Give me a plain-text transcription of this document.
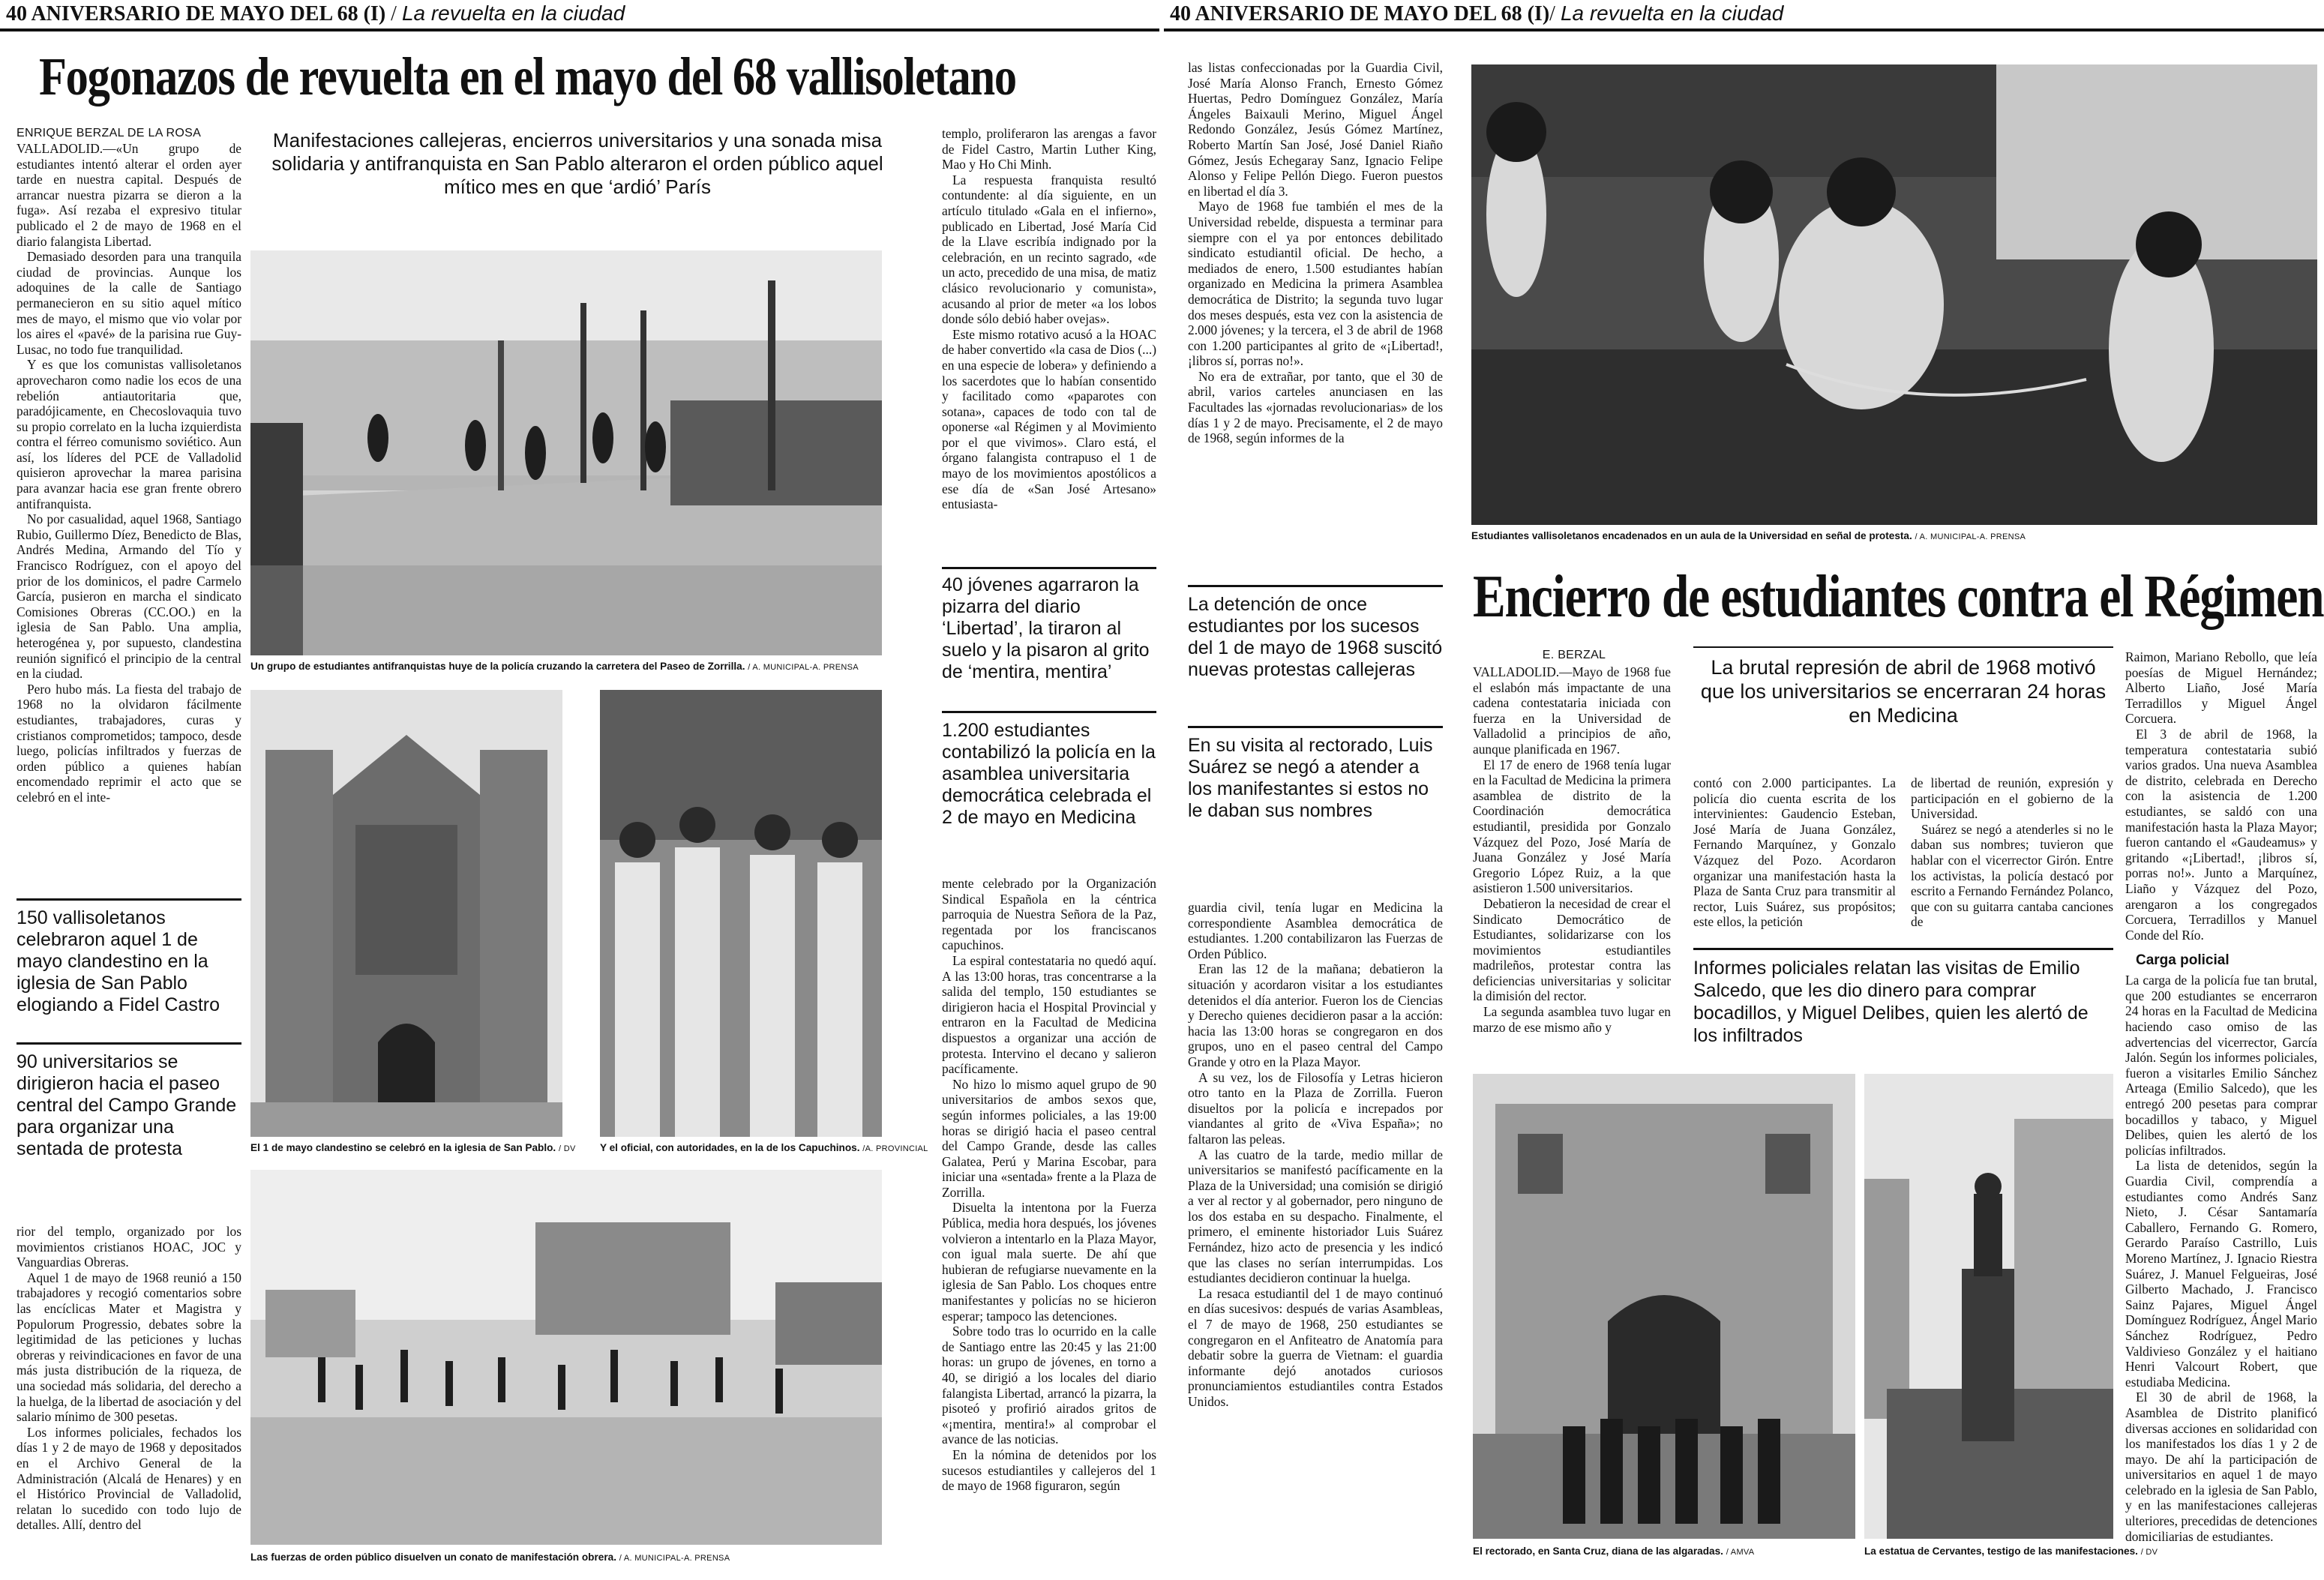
40 ANIVERSARIO DE MAYO DEL 68 (I) / La revuelta en la ciudad
Fogonazos de revuelta en el mayo del 68 vallisoletano
Manifestaciones callejeras, encierros universitarios y una sonada misa solidaria y antifranquista en San Pablo alteraron el orden público aquel mítico mes en que ‘ardió’ París
ENRIQUE BERZAL DE LA ROSA

VALLADOLID.—«Un grupo de estudiantes intentó alterar el orden ayer tarde en nuestra capital. Después de arrancar nuestra pizarra se dieron a la fuga». Así rezaba el expresivo titular publicado el 2 de mayo de 1968 en el diario falangista Libertad.

Demasiado desorden para una tranquila ciudad de provincias. Aunque los adoquines de la calle de Santiago permanecieron en su sitio aquel mítico mes de mayo, el mismo que vio volar por los aires el «pavé» de la parisina rue Guy-Lusac, no todo fue tranquilidad.

Y es que los comunistas vallisoletanos aprovecharon como nadie los ecos de una rebelión antiautoritaria que, paradójicamente, en Checoslovaquia tuvo su propio correlato en la lucha izquierdista contra el férreo comunismo soviético. Aun así, los líderes del PCE de Valladolid quisieron aprovechar la marea parisina para avanzar hacia ese gran frente obrero antifranquista.

No por casualidad, aquel 1968, Santiago Rubio, Guillermo Díez, Benedicto de Blas, Andrés Medina, Armando del Tío y Francisco Rodríguez, con el apoyo del prior de los dominicos, el padre Carmelo García, pusieron en marcha el sindicato Comisiones Obreras (CC.OO.) en la iglesia de San Pablo. Una amplia, heterogénea y, por supuesto, clandestina reunión significó el principio de la central en la ciudad.

Pero hubo más. La fiesta del trabajo de 1968 no la olvidaron fácilmente estudiantes, trabajadores, curas y cristianos comprometidos; tampoco, desde luego, policías infiltrados y fuerzas de orden público a quienes habían encomendado reprimir el acto que se celebró en el inte-

150 vallisoletanos celebraron aquel 1 de mayo clandestino en la iglesia de San Pablo elogiando a Fidel Castro
90 universitarios se dirigieron hacia el paseo central del Campo Grande para organizar una sentada de protesta

rior del templo, organizado por los movimientos cristianos HOAC, JOC y Vanguardias Obreras.

Aquel 1 de mayo de 1968 reunió a 150 trabajadores y recogió comentarios sobre las encíclicas Mater et Magistra y Populorum Progressio, debates sobre la legitimidad de las peticiones y luchas obreras y reivindicaciones en favor de una más justa distribución de la riqueza, de una sociedad más solidaria, del derecho a la huelga, de la libertad de asociación y del salario mínimo de 300 pesetas.

Los informes policiales, fechados los días 1 y 2 de mayo de 1968 y depositados en el Archivo General de la Administración (Alcalá de Henares) y en el Histórico Provincial de Valladolid, relatan lo sucedido con todo lujo de detalles. Allí, dentro del

Un grupo de estudiantes antifranquistas huye de la policía cruzando la carretera del Paseo de Zorrilla. / A. MUNICIPAL-A. PRENSA
El 1 de mayo clandestino se celebró en la iglesia de San Pablo. / DV Y el oficial, con autoridades, en la de los Capuchinos. /A. PROVINCIAL
Las fuerzas de orden público disuelven un conato de manifestación obrera. / A. MUNICIPAL-A. PRENSA

templo, proliferaron las arengas a favor de Fidel Castro, Martin Luther King, Mao y Ho Chi Minh.

La respuesta franquista resultó contundente: al día siguiente, en un artículo titulado «Gala en el infierno», publicado en Libertad, José María Cid de la Llave escribía indignado por la celebración, en un recinto sagrado, «de un acto, precedido de una misa, de matiz clásico revolucionario y comunista», acusando al prior de meter «a los lobos donde sólo debió haber ovejas».

Este mismo rotativo acusó a la HOAC de haber convertido «la casa de Dios (...) en una especie de lobera» y definiendo a los sacerdotes que lo habían consentido y facilitado como «paparotes con sotana», capaces de todo con tal de oponerse «al Régimen y al Movimiento por el que vivimos». Claro está, el órgano falangista contrapuso el 1 de mayo de los movimientos apostólicos a ese día de «San José Artesano» entusiasta-

40 jóvenes agarraron la pizarra del diario ‘Libertad’, la tiraron al suelo y la pisaron al grito de ‘mentira, mentira’
1.200 estudiantes contabilizó la policía en la asamblea universitaria democrática celebrada el 2 de mayo en Medicina

mente celebrado por la Organización Sindical Española en la céntrica parroquia de Nuestra Señora de la Paz, regentada por los franciscanos capuchinos.

La espiral contestataria no quedó aquí. A las 13:00 horas, tras concentrarse a la salida del templo, 150 estudiantes se dirigieron hacia el Hospital Provincial y entraron en la Facultad de Medicina dispuestos a organizar una acción de protesta. Intervino el decano y salieron pacíficamente.

No hizo lo mismo aquel grupo de 90 universitarios de ambos sexos que, según informes policiales, a las 19:00 horas se dirigió hacia el paseo central del Campo Grande, desde las calles Galatea, Perú y Marina Escobar, para iniciar una «sentada» frente a la Plaza de Zorrilla.

Disuelta la intentona por la Fuerza Pública, media hora después, los jóvenes volvieron a intentarlo en la Plaza Mayor, con igual mala suerte. De ahí que hubieran de refugiarse nuevamente en la iglesia de San Pablo. Los choques entre manifestantes y policías no se hicieron esperar; tampoco las detenciones.

Sobre todo tras lo ocurrido en la calle de Santiago entre las 20:45 y las 21:00 horas: un grupo de jóvenes, en torno a 40, se dirigió a los locales del diario falangista Libertad, arrancó la pizarra, la pisoteó y profirió airados gritos de «¡mentira, mentira!» al comprobar el avance de las noticias.

En la nómina de detenidos por los sucesos estudiantiles y callejeros del 1 de mayo de 1968 figuraron, según

40 ANIVERSARIO DE MAYO DEL 68 (I)/ La revuelta en la ciudad

las listas confeccionadas por la Guardia Civil, José María Alonso Franch, Ernesto Gómez Huertas, Pedro Domínguez González, María Ángeles Baixauli Merino, Miguel Ángel Redondo González, Jesús Gómez Martínez, Roberto Martín San José, José Daniel Riaño Gómez, Jesús Echegaray Sanz, Ignacio Felipe Alonso y Felipe Pellón Diego. Fueron puestos en libertad el día 3.

Mayo de 1968 fue también el mes de la Universidad rebelde, dispuesta a terminar para siempre con el ya por entonces debilitado sindicato estudiantil oficial. De hecho, a mediados de enero, 1.500 estudiantes habían organizado en Medicina la primera Asamblea democrática de Distrito; la segunda tuvo lugar dos meses después, esta vez con la asistencia de 2.000 jóvenes; y la tercera, el 3 de abril de 1968 con 1.200 participantes al grito de «¡Libertad!, ¡libros sí, porras no!».

No era de extrañar, por tanto, que el 30 de abril, varios carteles anunciasen en las Facultades las «jornadas revolucionarias» de los días 1 y 2 de mayo. Precisamente, el 2 de mayo de 1968, según informes de la

La detención de once estudiantes por los sucesos del 1 de mayo de 1968 suscitó nuevas protestas callejeras
En su visita al rectorado, Luis Suárez se negó a atender a los manifestantes si estos no le daban sus nombres

guardia civil, tenía lugar en Medicina la correspondiente Asamblea democrática de estudiantes. 1.200 contabilizaron las Fuerzas de Orden Público.

Eran las 12 de la mañana; debatieron la situación y acordaron visitar a los estudiantes detenidos el día anterior. Fueron los de Ciencias y Derecho quienes decidieron pasar a la acción: hacia las 13:00 horas se congregaron en dos grupos, uno en el paseo central del Campo Grande y otro en la Plaza Mayor.

A su vez, los de Filosofía y Letras hicieron otro tanto en la Plaza de Zorrilla. Fueron disueltos por la policía e increpados por viandantes al grito de «Viva España»; no faltaron las peleas.

A las cuatro de la tarde, medio millar de universitarios se manifestó pacíficamente en la Plaza de la Universidad; una comisión se dirigió a ver al rector y al gobernador, pero ninguno de los dos estaba en su despacho. Finalmente, el primero, el eminente historiador Luis Suárez Fernández, hizo acto de presencia y les indicó que las clases no serían interrumpidas. Los estudiantes decidieron continuar la huelga.

La resaca estudiantil del 1 de mayo continuó en días sucesivos: después de varias Asambleas, el 7 de mayo de 1968, 250 estudiantes se congregaron en el Anfiteatro de Anatomía para debatir sobre la guerra de Vietnam: el guardia informante dejó anotados curiosos pronunciamientos estudiantiles contra Estados Unidos.

Estudiantes vallisoletanos encadenados en un aula de la Universidad en señal de protesta. / A. MUNICIPAL-A. PRENSA
Encierro de estudiantes contra el Régimen
E. BERZAL

VALLADOLID.—Mayo de 1968 fue el eslabón más impactante de una cadena contestataria iniciada con fuerza en la Universidad de Valladolid a principios de año, aunque planificada en 1967.

El 17 de enero de 1968 tenía lugar en la Facultad de Medicina la primera asamblea de distrito de la Coordinación democrática estudiantil, presidida por Gonzalo Vázquez del Pozo, José María de Juana González y José María Gregorio López Ruiz, a la que asistieron 1.500 universitarios.

Debatieron la necesidad de crear el Sindicato Democrático de Estudiantes, solidarizarse con los movimientos estudiantiles madrileños, protestar contra las deficiencias universitarias y solicitar la dimisión del rector.

La segunda asamblea tuvo lugar en marzo de ese mismo año y

La brutal represión de abril de 1968 motivó que los universitarios se encerraran 24 horas en Medicina

contó con 2.000 participantes. La policía dio cuenta escrita de los intervinientes: Gaudencio Esteban, José María de Juana González, Fernando Marquínez, y Gonzalo Vázquez del Pozo. Acordaron organizar una manifestación hasta la Plaza de Santa Cruz para transmitir al rector, Luis Suárez, sus propósitos; este ellos, la petición

de libertad de reunión, expresión y participación en el gobierno de la Universidad.

Suárez se negó a atenderles si no le daban sus nombres; tuvieron que hablar con el vicerrector Girón. Entre los activistas, la policía destacó por escrito a Fernando Fernández Polanco, que con su guitarra cantaba canciones de

Informes policiales relatan las visitas de Emilio Salcedo, que les dio dinero para comprar bocadillos, y Miguel Delibes, quien les alertó de los infiltrados
El rectorado, en Santa Cruz, diana de las algaradas. / AMVA	La estatua de Cervantes, testigo de las manifestaciones. / DV

Raimon, Mariano Rebollo, que leía poesías de Miguel Hernández; Alberto Liaño, José María Terradillos y Miguel Ángel Corcuera.

El 3 de abril de 1968, la temperatura contestataria subió varios grados. Una nueva Asamblea de distrito, celebrada en Derecho con la asistencia de 1.200 estudiantes, se saldó con una manifestación hasta la Plaza Mayor; fueron cantando el «Gaudeamus» y gritando «¡Libertad!, ¡libros sí, porras no!». Junto a Marquínez, Liaño y Vázquez del Pozo, arengaron a los congregados Corcuera, Terradillos y Manuel Conde del Río.

Carga policial

La carga de la policía fue tan brutal, que 200 estudiantes se encerraron 24 horas en la Facultad de Medicina haciendo caso omiso de las advertencias del vicerrector, García Jalón. Según los informes policiales, fueron a visitarles Emilio Sánchez Arteaga (Emilio Salcedo), que les entregó 200 pesetas para comprar bocadillos y tabaco, y Miguel Delibes, quien les alertó de los policías infiltrados.

La lista de detenidos, según la Guardia Civil, comprendía a estudiantes como Andrés Sanz Nieto, J. César Santamaría Caballero, Fernando G. Romero, Gerardo Paraíso Castrillo, Luis Moreno Martínez, J. Ignacio Riestra Suárez, J. Manuel Felgueiras, José Gilberto Machado, J. Francisco Sainz Pajares, Miguel Ángel Domínguez Rodríguez, Ángel Mario Sánchez Rodríguez, Pedro Valdivieso González y el haitiano Henri Valcourt Robert, que estudiaba Medicina.

El 30 de abril de 1968, la Asamblea de Distrito planificó diversas acciones en solidaridad con los manifestados los días 1 y 2 de mayo. De ahí la participación de universitarios en aquel 1 de mayo celebrado en la iglesia de San Pablo, y en las manifestaciones callejeras ulteriores, precedidas de detenciones domiciliarias de estudiantes.
